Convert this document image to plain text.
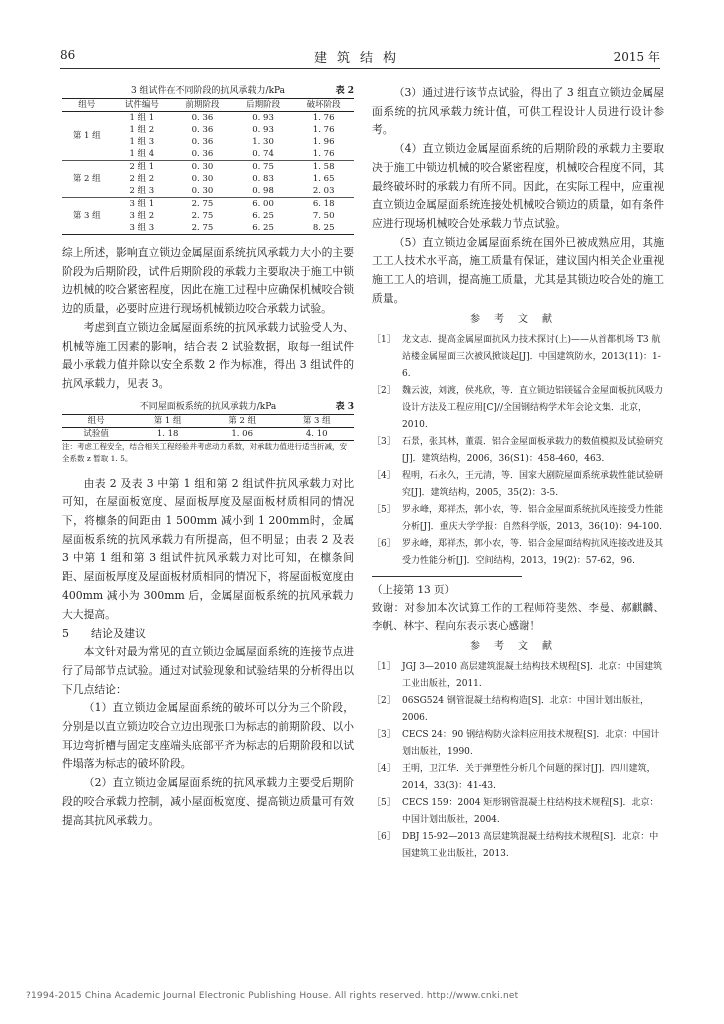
86	建筑结构	2015 年
3 组试件在不同阶段的抗风承载力/kPa	表 2
组号	试件编号	前期阶段	后期阶段	破坏阶段
第 1 组	1 组 1	0. 36	0. 93	1. 76
	1 组 2	0. 36	0. 93	1. 76
	1 组 3	0. 36	1. 30	1. 96
	1 组 4	0. 36	0. 74	1. 76
第 2 组	2 组 1	0. 30	0. 75	1. 58
	2 组 2	0. 30	0. 83	1. 65
	2 组 3	0. 30	0. 98	2. 03
第 3 组	3 组 1	2. 75	6. 00	6. 18
	3 组 2	2. 75	6. 25	7. 50
	3 组 3	2. 75	6. 25	8. 25

综上所述，影响直立锁边金属屋面系统抗风承载力大小的主要阶段为后期阶段，试件后期阶段的承载力主要取决于施工中锁边机械的咬合紧密程度，因此在施工过程中应确保机械咬合锁边的质量，必要时应进行现场机械锁边咬合承载力试验。

考虑到直立锁边金属屋面系统的抗风承载力试验受人为、机械等施工因素的影响，结合表 2 试验数据，取每一组试件最小承载力值并除以安全系数 2 作为标准，得出 3 组试件的抗风承载力，见表 3。

不同屋面板系统的抗风承载力/kPa	表 3
组号	第 1 组	第 2 组	第 3 组
试验值	1. 18	1. 06	4. 10
注：考虑工程安全，结合相关工程经验并考虑动力系数，对承载力值进行适当折减，安全系数 z 暂取 1. 5。

由表 2 及表 3 中第 1 组和第 2 组试件抗风承载力对比可知，在屋面板宽度、屋面板厚度及屋面板材质相同的情况下，将檩条的间距由 1 500mm 减小到 1 200mm时，金属屋面板系统的抗风承载力有所提高，但不明显；由表 2 及表 3 中第 1 组和第 3 组试件抗风承载力对比可知，在檩条间距、屋面板厚度及屋面板材质相同的情况下，将屋面板宽度由 400mm 减小为 300mm 后，金属屋面板系统的抗风承载力大大提高。

5 结论及建议

本文针对最为常见的直立锁边金属屋面系统的连接节点进行了局部节点试验。通过对试验现象和试验结果的分析得出以下几点结论：

（1）直立锁边金属屋面系统的破坏可以分为三个阶段，分别是以直立锁边咬合立边出现张口为标志的前期阶段、以小耳边弯折槽与固定支座端头底部平齐为标志的后期阶段和以试件塌落为标志的破坏阶段。

（2）直立锁边金属屋面系统的抗风承载力主要受后期阶段的咬合承载力控制，减小屋面板宽度、提高锁边质量可有效提高其抗风承载力。

（3）通过进行该节点试验，得出了 3 组直立锁边金属屋面系统的抗风承载力统计值，可供工程设计人员进行设计参考。

（4）直立锁边金属屋面系统的后期阶段的承载力主要取决于施工中锁边机械的咬合紧密程度，机械咬合程度不同，其最终破坏时的承载力有所不同。因此，在实际工程中，应重视直立锁边金属屋面系统连接处机械咬合锁边的质量，如有条件应进行现场机械咬合处承载力节点试验。

（5）直立锁边金属屋面系统在国外已被成熟应用，其施工工人技术水平高，施工质量有保证，建议国内相关企业重视施工工人的培训，提高施工质量，尤其是其锁边咬合处的施工质量。

参考文献
［1］ 龙文志．提高金属屋面抗风力技术探讨(上)——从首都机场 T3 航站楼金属屋面三次被风掀谈起[J]．中国建筑防水，2013(11)：1-6.
［2］ 魏云波，刘渡，侯兆欣，等．直立锁边铝镁锰合金屋面板抗风吸力设计方法及工程应用[C]//全国钢结构学术年会论文集．北京，2010.
［3］ 石景，张其林，董震．铝合金屋面板承载力的数值模拟及试验研究[J]．建筑结构，2006，36(S1)：458-460，463.
［4］ 程明，石永久，王元清，等．国家大剧院屋面系统承载性能试验研究[J]．建筑结构，2005，35(2)：3-5.
［5］ 罗永峰，郑祥杰，郭小农，等．铝合金屋面系统抗风连接受力性能分析[J]．重庆大学学报：自然科学版，2013，36(10)：94-100.
［6］ 罗永峰，郑祥杰，郭小农，等．铝合金屋面结构抗风连接改进及其受力性能分析[J]．空间结构，2013，19(2)：57-62，96.
（上接第 13 页）

致谢：对参加本次试算工作的工程师符斐然、李曼、郝麒麟、李帆、林宇、程向东表示衷心感谢！

参考文献
［1］ JGJ 3—2010 高层建筑混凝土结构技术规程[S]．北京：中国建筑工业出版社，2011.
［2］ 06SG524 钢管混凝土结构构造[S]．北京：中国计划出版社，2006.
［3］ CECS 24：90 钢结构防火涂料应用技术规程[S]．北京：中国计划出版社，1990.
［4］ 王明，卫江华．关于弹塑性分析几个问题的探讨[J]．四川建筑，2014，33(3)：41-43.
［5］ CECS 159：2004 矩形钢管混凝土柱结构技术规程[S]．北京：中国计划出版社，2004.
［6］ DBJ 15-92—2013 高层建筑混凝土结构技术规程[S]．北京：中国建筑工业出版社，2013.
?1994-2015 China Academic Journal Electronic Publishing House. All rights reserved. http://www.cnki.net
